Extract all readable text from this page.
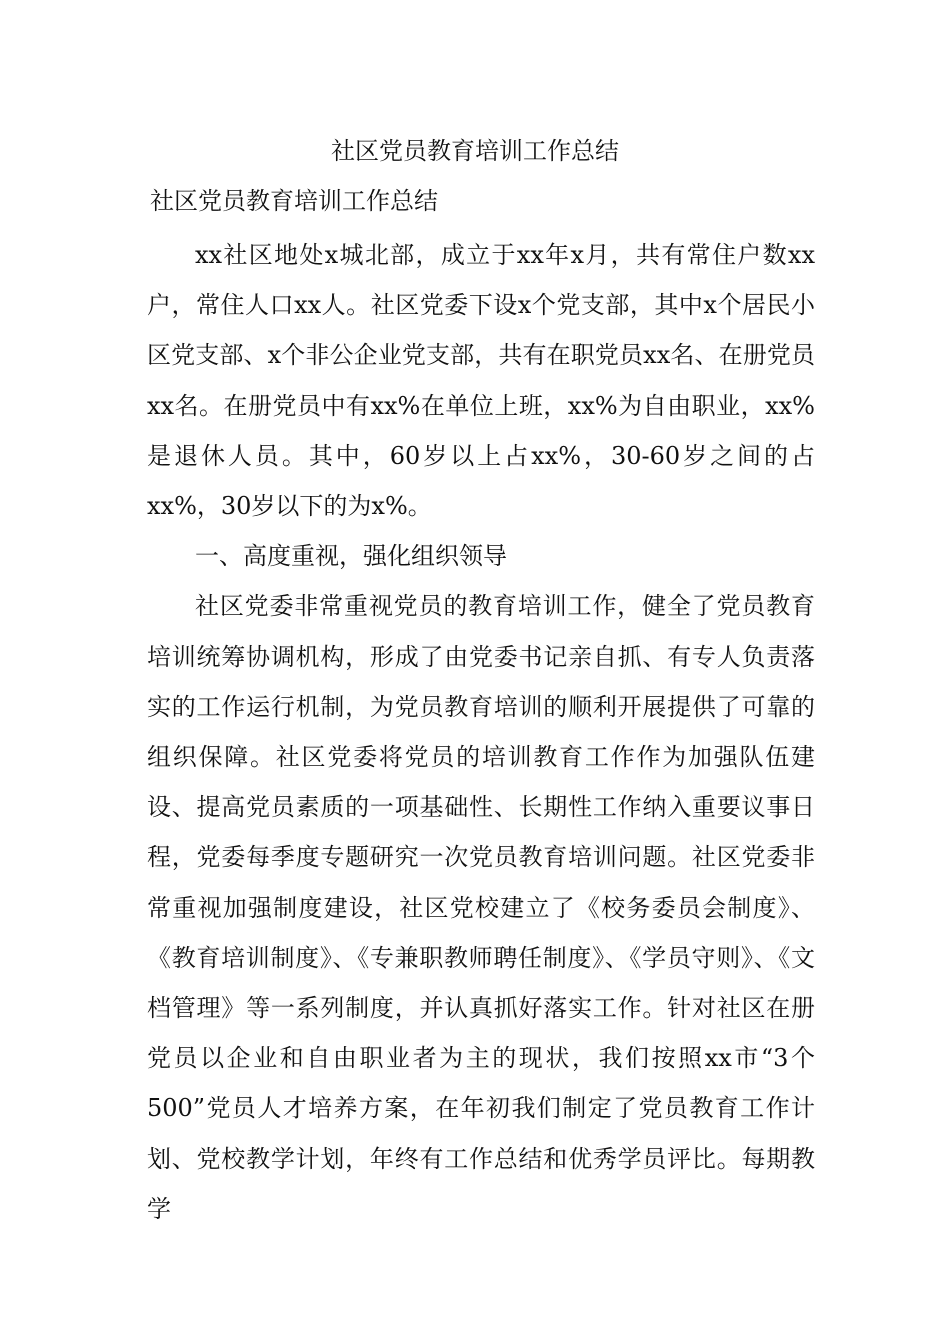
社区党员教育培训工作总结
社区党员教育培训工作总结

xx社区地处x城北部，成立于xx年x月，共有常住户数xx户，常住人口xx人。社区党委下设x个党支部，其中x个居民小区党支部、x个非公企业党支部，共有在职党员xx名、在册党员xx名。在册党员中有xx%在单位上班，xx%为自由职业，xx%是退休人员。其中，60岁以上占xx%，30-60岁之间的占xx%，30岁以下的为x%。

一、高度重视，强化组织领导

社区党委非常重视党员的教育培训工作，健全了党员教育培训统筹协调机构，形成了由党委书记亲自抓、有专人负责落实的工作运行机制，为党员教育培训的顺利开展提供了可靠的组织保障。社区党委将党员的培训教育工作作为加强队伍建设、提高党员素质的一项基础性、长期性工作纳入重要议事日程，党委每季度专题研究一次党员教育培训问题。社区党委非常重视加强制度建设，社区党校建立了《校务委员会制度》、《教育培训制度》、《专兼职教师聘任制度》、《学员守则》、《文档管理》等一系列制度，并认真抓好落实工作。针对社区在册党员以企业和自由职业者为主的现状，我们按照xx市“3个500”党员人才培养方案，在年初我们制定了党员教育工作计划、党校教学计划，年终有工作总结和优秀学员评比。每期教学
